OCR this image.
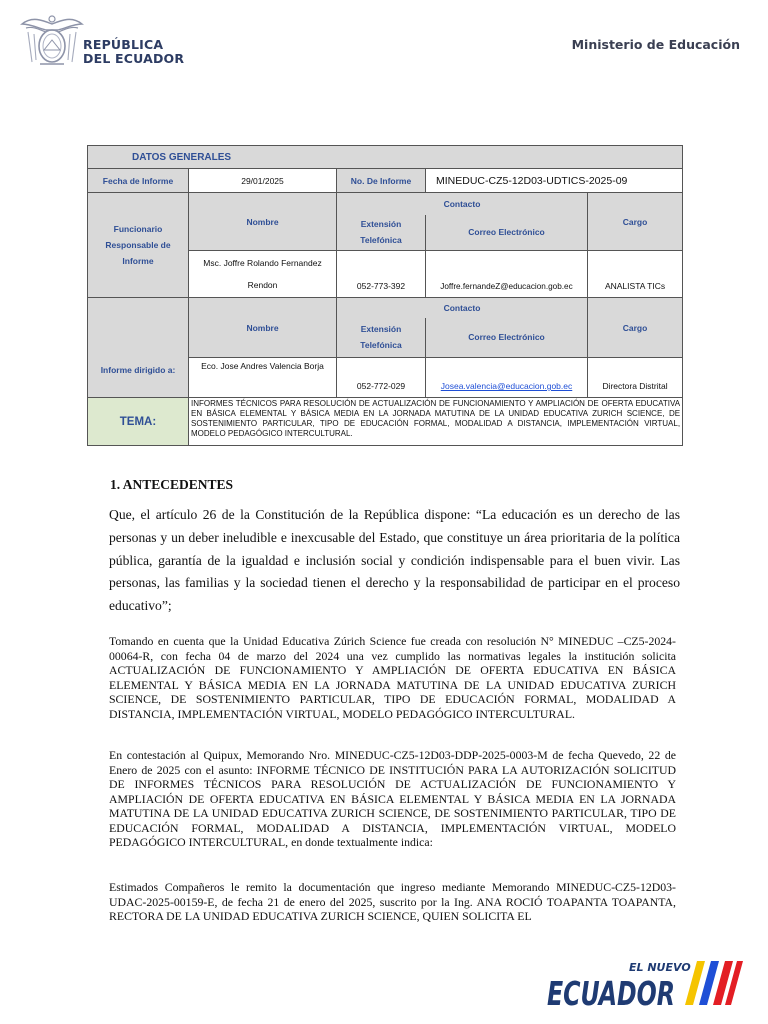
REPÚBLICA
DEL ECUADOR
Ministerio de Educación
DATOS GENERALES				
Fecha de Informe	29/01/2025	No. De Informe	MINEDUC-CZ5-12D03-UDTICS-2025-09	
Funcionario Responsable de Informe	Nombre	Contacto		Cargo
		Extensión Telefónica	Correo Electrónico	
	Msc. Joffre Rolando Fernandez Rendon	052-773-392	Joffre.fernandeZ@educacion.gob.ec	ANALISTA TICs
Informe dirigido a:	Nombre	Contacto		Cargo
		Extensión Telefónica	Correo Electrónico	
	Eco. Jose Andres Valencia Borja	052-772-029	Josea.valencia@educacion.gob.ec	Directora Distrital
TEMA:	INFORMES TÉCNICOS PARA RESOLUCIÓN DE ACTUALIZACIÓN DE FUNCIONAMIENTO Y AMPLIACIÓN DE OFERTA EDUCATIVA EN BÁSICA ELEMENTAL Y BÁSICA MEDIA EN LA JORNADA MATUTINA DE LA UNIDAD EDUCATIVA ZURICH SCIENCE, DE SOSTENIMIENTO PARTICULAR, TIPO DE EDUCACIÓN FORMAL, MODALIDAD A DISTANCIA, IMPLEMENTACIÓN VIRTUAL, MODELO PEDAGÓGICO INTERCULTURAL.			
1. ANTECEDENTES

Que, el artículo 26 de la Constitución de la República dispone: “La educación es un derecho de las personas y un deber ineludible e inexcusable del Estado, que constituye un área prioritaria de la política pública, garantía de la igualdad e inclusión social y condición indispensable para el buen vivir. Las personas, las familias y la sociedad tienen el derecho y la responsabilidad de participar en el proceso educativo”;

Tomando en cuenta que la Unidad Educativa Zúrich Science fue creada con resolución N° MINEDUC –CZ5-2024-00064-R, con fecha 04 de marzo del 2024 una vez cumplido las normativas legales la institución solicita ACTUALIZACIÓN DE FUNCIONAMIENTO Y AMPLIACIÓN DE OFERTA EDUCATIVA EN BÁSICA ELEMENTAL Y BÁSICA MEDIA EN LA JORNADA MATUTINA DE LA UNIDAD EDUCATIVA ZURICH SCIENCE, DE SOSTENIMIENTO PARTICULAR, TIPO DE EDUCACIÓN FORMAL, MODALIDAD A DISTANCIA, IMPLEMENTACIÓN VIRTUAL, MODELO PEDAGÓGICO INTERCULTURAL.

En contestación al Quipux, Memorando Nro. MINEDUC-CZ5-12D03-DDP-2025-0003-M de fecha Quevedo, 22 de Enero de 2025 con el asunto: INFORME TÉCNICO DE INSTITUCIÓN PARA LA AUTORIZACIÓN SOLICITUD DE INFORMES TÉCNICOS PARA RESOLUCIÓN DE ACTUALIZACIÓN DE FUNCIONAMIENTO Y AMPLIACIÓN DE OFERTA EDUCATIVA EN BÁSICA ELEMENTAL Y BÁSICA MEDIA EN LA JORNADA MATUTINA DE LA UNIDAD EDUCATIVA ZURICH SCIENCE, DE SOSTENIMIENTO PARTICULAR, TIPO DE EDUCACIÓN FORMAL, MODALIDAD A DISTANCIA, IMPLEMENTACIÓN VIRTUAL, MODELO PEDAGÓGICO INTERCULTURAL, en donde textualmente indica:

Estimados Compañeros le remito la documentación que ingreso mediante Memorando MINEDUC-CZ5-12D03-UDAC-2025-00159-E, de fecha 21 de enero del 2025, suscrito por la Ing. ANA ROCIÓ TOAPANTA TOAPANTA, RECTORA DE LA UNIDAD EDUCATIVA ZURICH SCIENCE, QUIEN SOLICITA EL

EL NUEVO
ECUADOR
